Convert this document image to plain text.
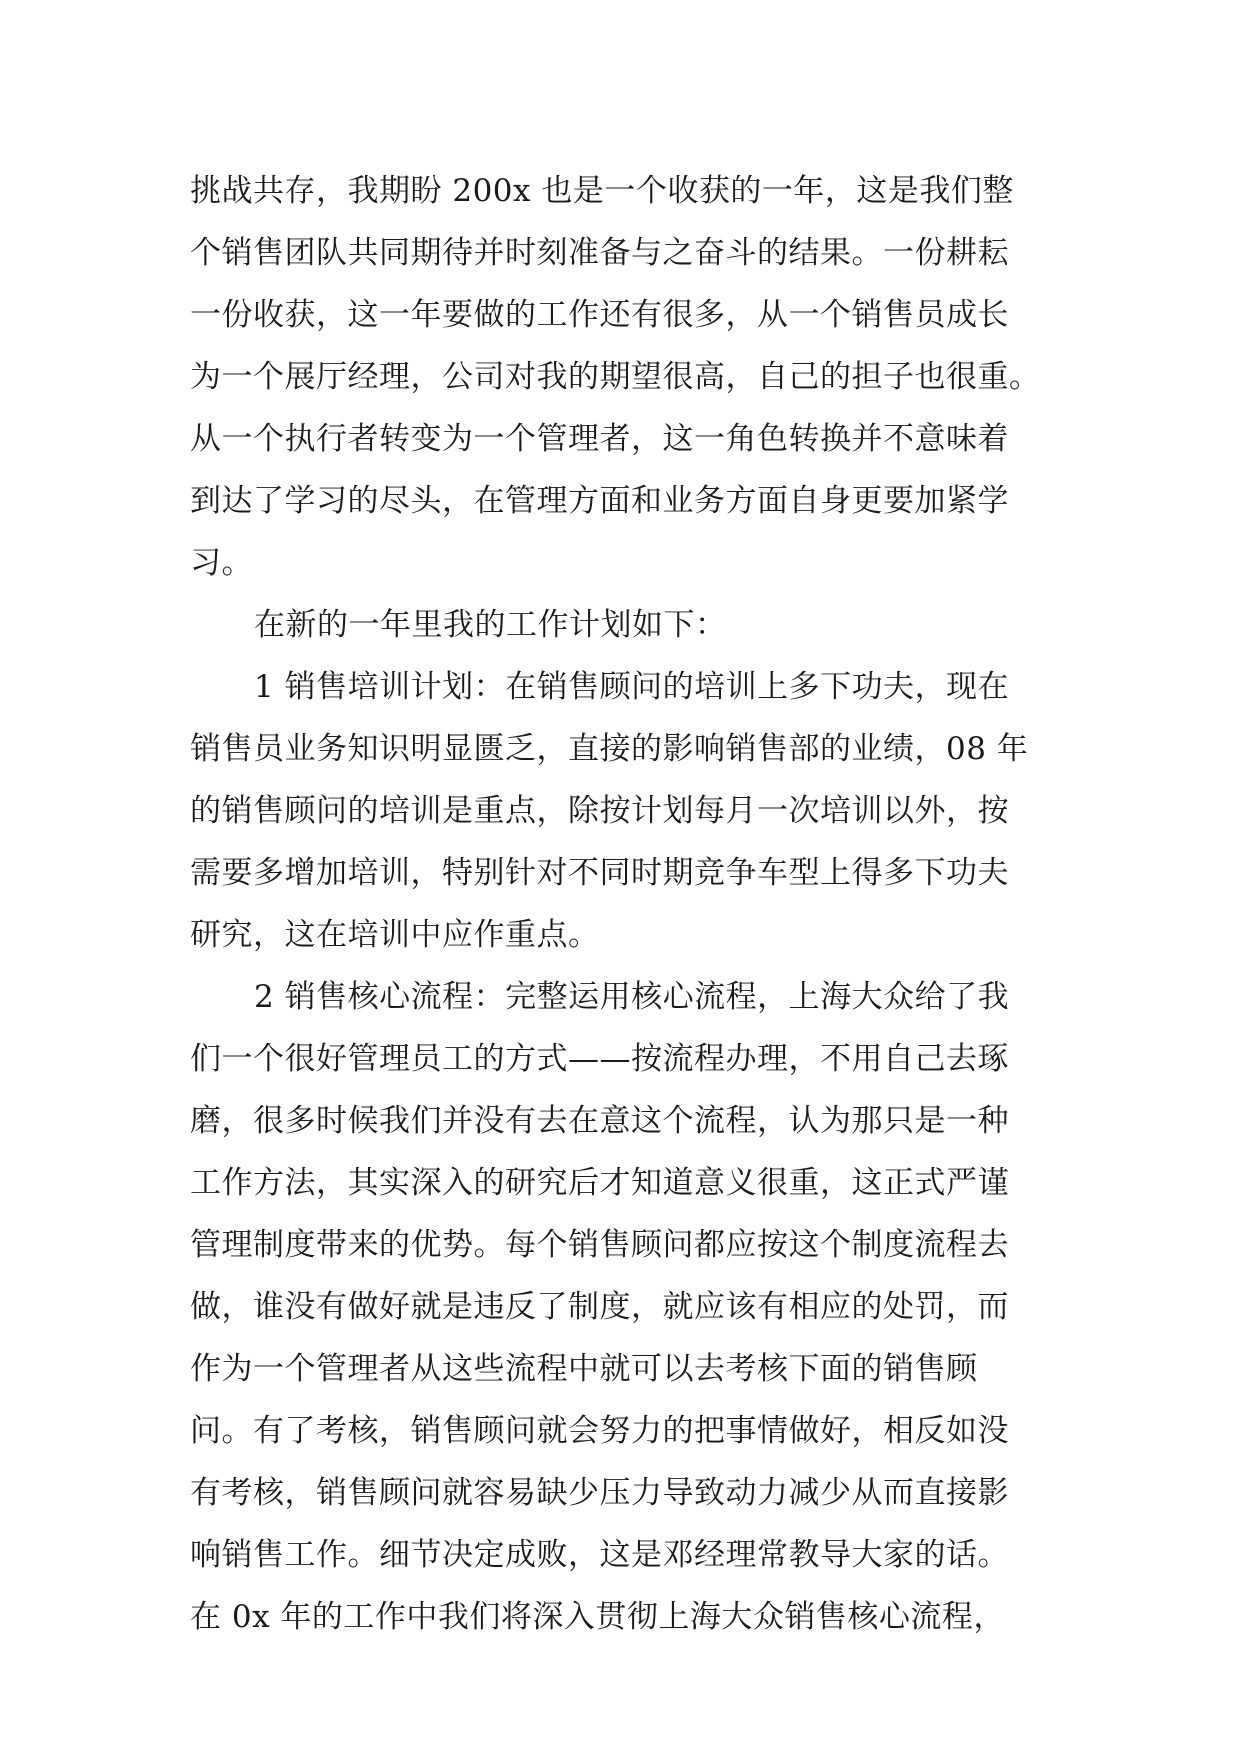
挑战共存，我期盼 200x 也是一个收获的一年，这是我们整
个销售团队共同期待并时刻准备与之奋斗的结果。一份耕耘
一份收获，这一年要做的工作还有很多，从一个销售员成长
为一个展厅经理，公司对我的期望很高，自己的担子也很重。
从一个执行者转变为一个管理者，这一角色转换并不意味着
到达了学习的尽头，在管理方面和业务方面自身更要加紧学
习。
在新的一年里我的工作计划如下：
1 销售培训计划：在销售顾问的培训上多下功夫，现在
销售员业务知识明显匮乏，直接的影响销售部的业绩，08 年
的销售顾问的培训是重点，除按计划每月一次培训以外，按
需要多增加培训，特别针对不同时期竞争车型上得多下功夫
研究，这在培训中应作重点。
2 销售核心流程：完整运用核心流程，上海大众给了我
们一个很好管理员工的方式——按流程办理，不用自己去琢
磨，很多时候我们并没有去在意这个流程，认为那只是一种
工作方法，其实深入的研究后才知道意义很重，这正式严谨
管理制度带来的优势。每个销售顾问都应按这个制度流程去
做，谁没有做好就是违反了制度，就应该有相应的处罚，而
作为一个管理者从这些流程中就可以去考核下面的销售顾
问。有了考核，销售顾问就会努力的把事情做好，相反如没
有考核，销售顾问就容易缺少压力导致动力减少从而直接影
响销售工作。细节决定成败，这是邓经理常教导大家的话。
在 0x 年的工作中我们将深入贯彻上海大众销售核心流程，
